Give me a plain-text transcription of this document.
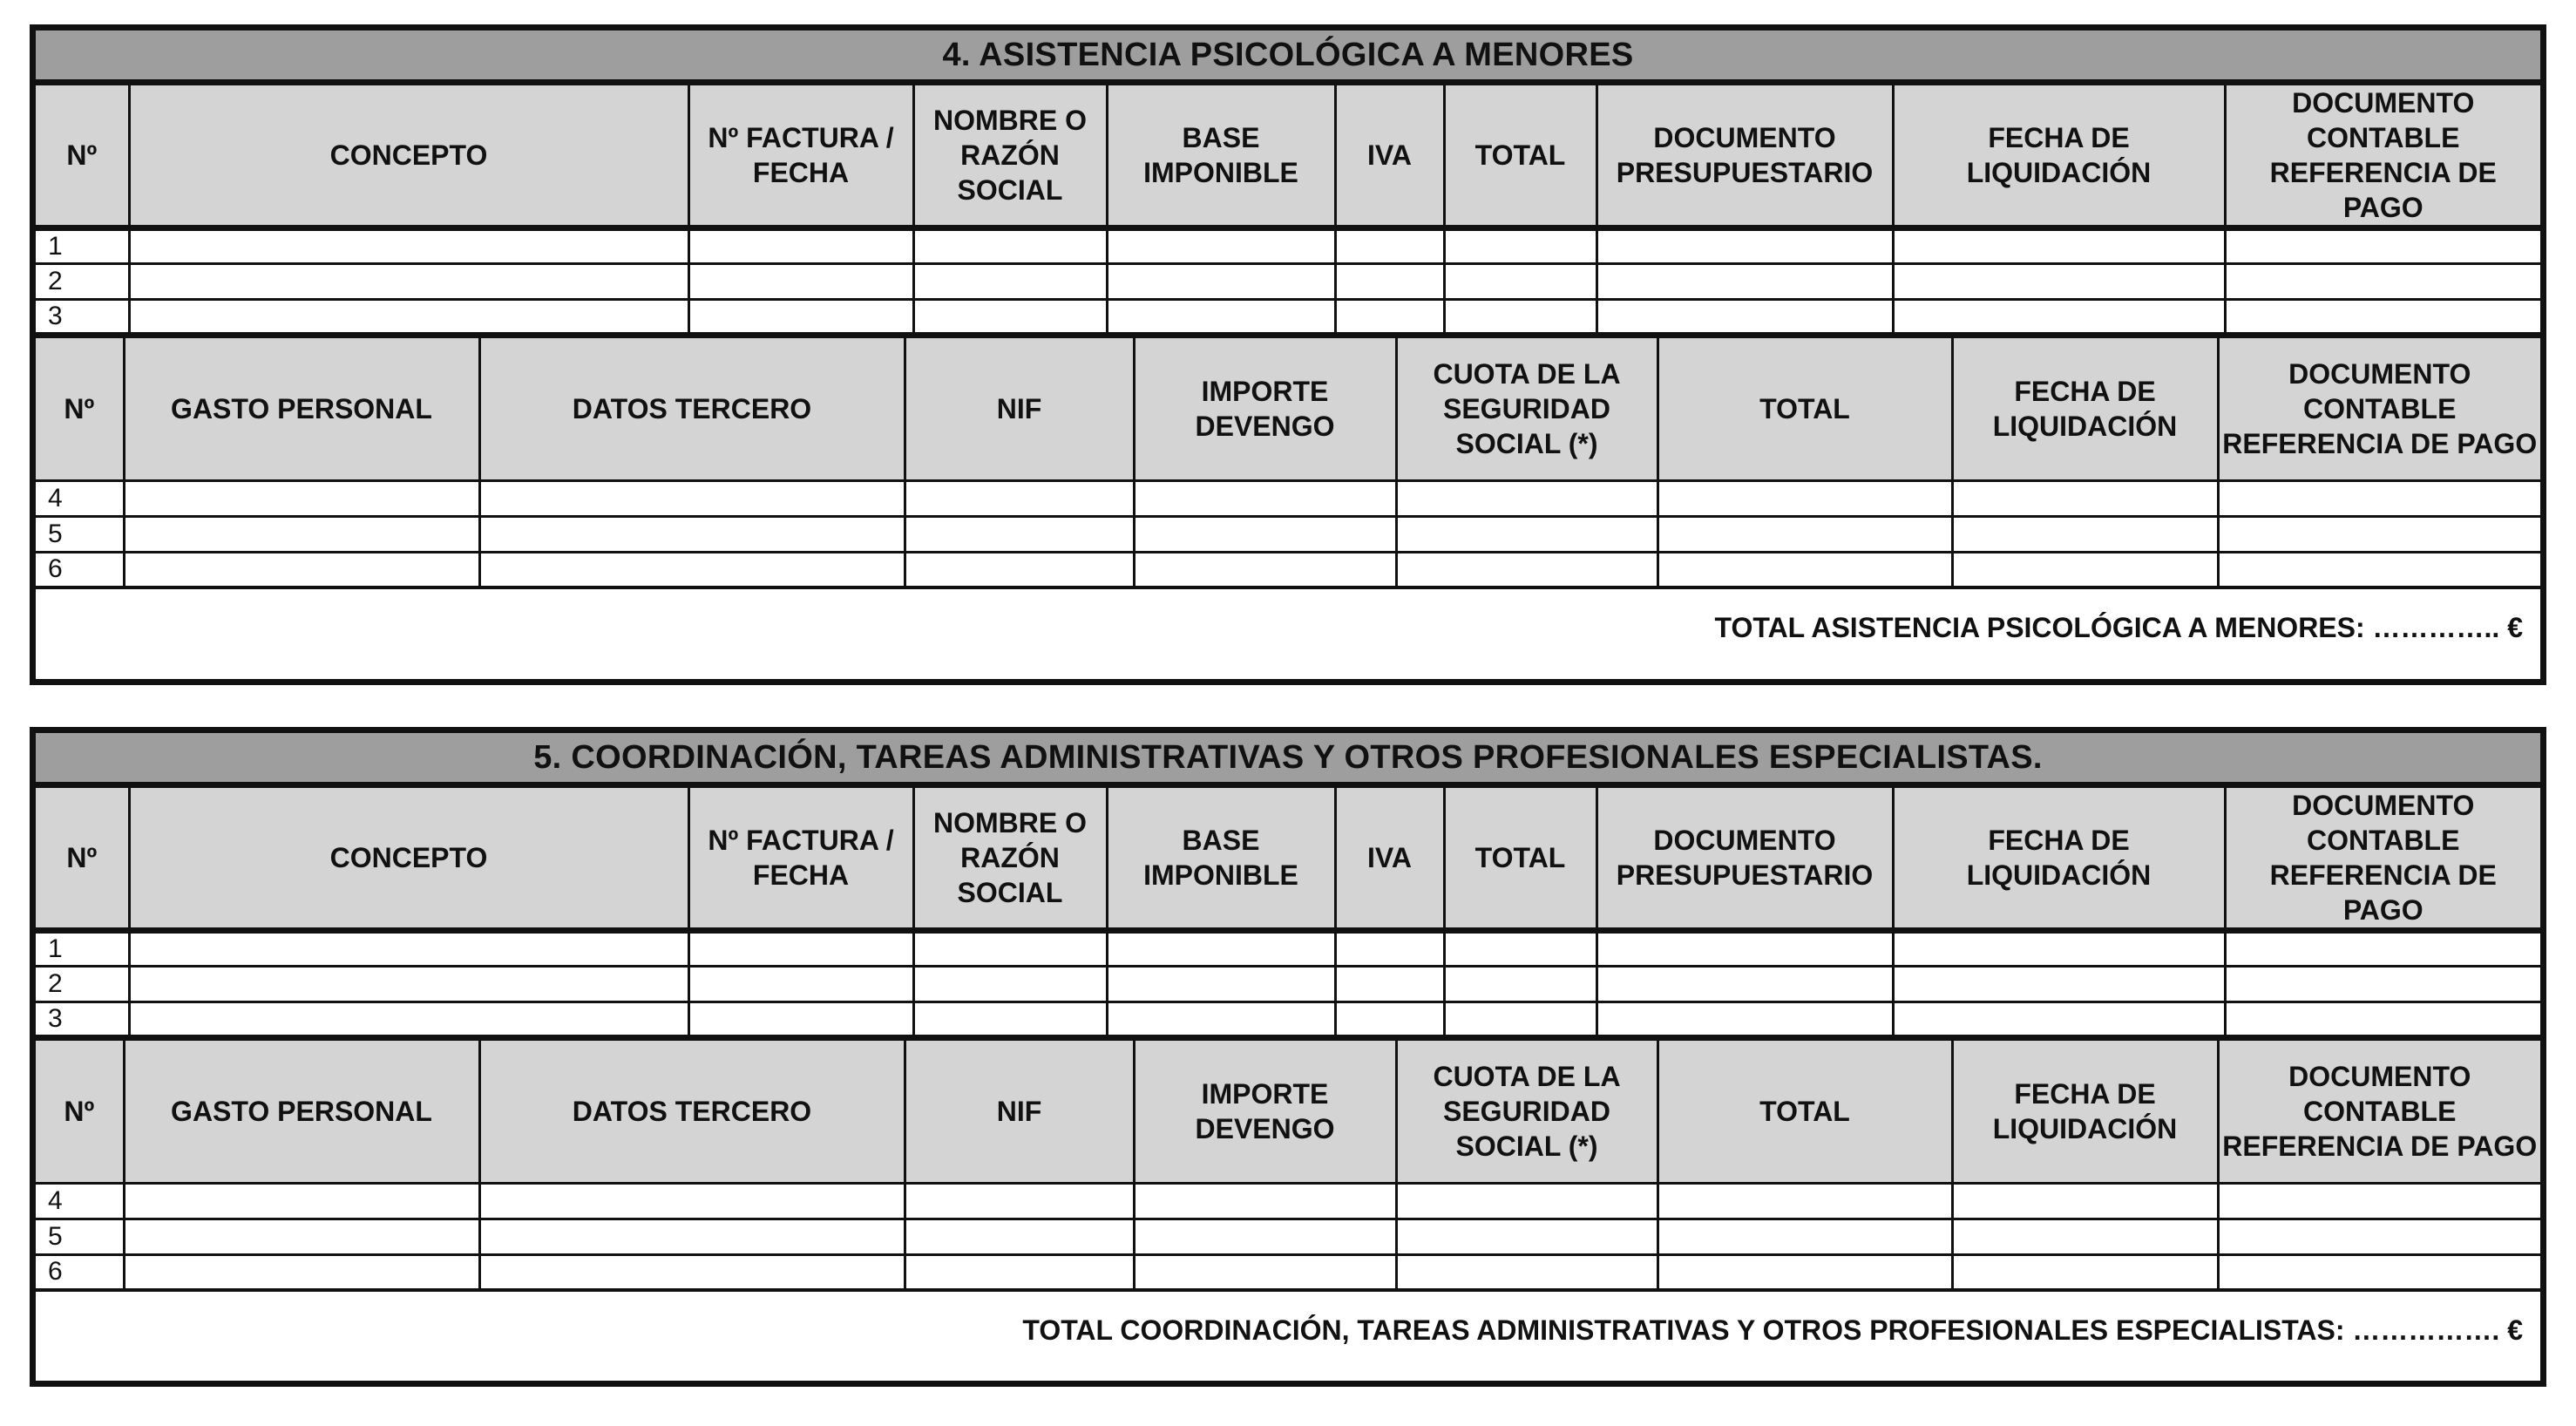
4. ASISTENCIA PSICOLÓGICA A MENORES
Nº	CONCEPTO	Nº FACTURA / FECHA	NOMBRE O RAZÓN SOCIAL	BASE IMPONIBLE	IVA	TOTAL	DOCUMENTO PRESUPUESTARIO	FECHA DE LIQUIDACIÓN	DOCUMENTO CONTABLE REFERENCIA DE PAGO
1									
2									
3									
Nº	GASTO PERSONAL	DATOS TERCERO	NIF	IMPORTE DEVENGO	CUOTA DE LA SEGURIDAD SOCIAL (*)	TOTAL	FECHA DE LIQUIDACIÓN	DOCUMENTO CONTABLE REFERENCIA DE PAGO
4								
5								
6								
TOTAL ASISTENCIA PSICOLÓGICA A MENORES: ………….. €
5. COORDINACIÓN, TAREAS ADMINISTRATIVAS Y OTROS PROFESIONALES ESPECIALISTAS.
Nº	CONCEPTO	Nº FACTURA / FECHA	NOMBRE O RAZÓN SOCIAL	BASE IMPONIBLE	IVA	TOTAL	DOCUMENTO PRESUPUESTARIO	FECHA DE LIQUIDACIÓN	DOCUMENTO CONTABLE REFERENCIA DE PAGO
1									
2									
3									
Nº	GASTO PERSONAL	DATOS TERCERO	NIF	IMPORTE DEVENGO	CUOTA DE LA SEGURIDAD SOCIAL (*)	TOTAL	FECHA DE LIQUIDACIÓN	DOCUMENTO CONTABLE REFERENCIA DE PAGO
4								
5								
6								
TOTAL COORDINACIÓN, TAREAS ADMINISTRATIVAS Y OTROS PROFESIONALES ESPECIALISTAS: ……………. €
